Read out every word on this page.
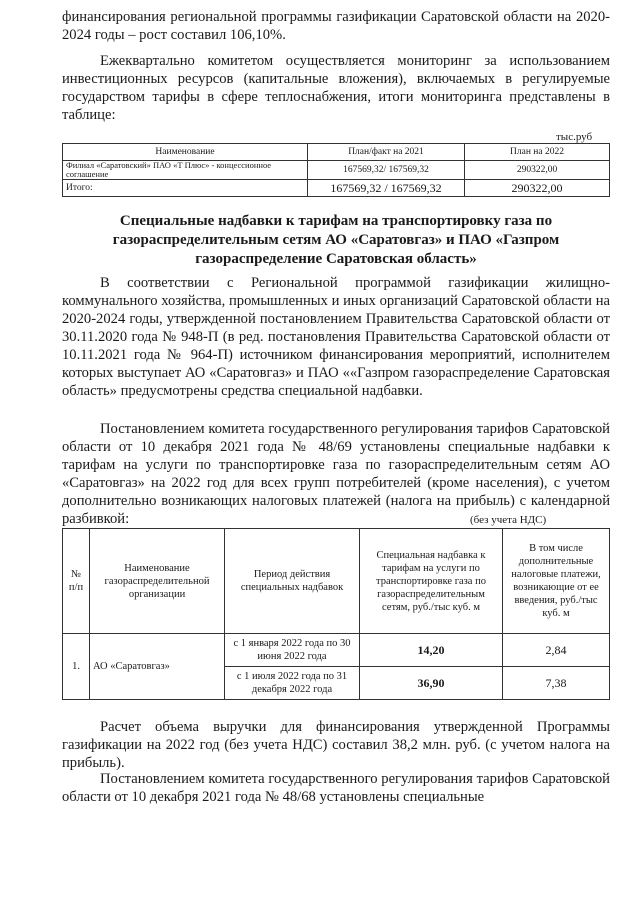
финансирования региональной программы газификации Саратовской области на 2020-2024 годы – рост составил 106,10%.

Ежеквартально комитетом осуществляется мониторинг за использованием инвестиционных ресурсов (капитальные вложения), включаемых в регулируемые государством тарифы в сфере теплоснабжения, итоги мониторинга представлены в таблице:

тыс.руб
Наименование	План/факт на 2021	План на 2022
Филиал «Саратовский» ПАО «Т Плюс» - концессионное соглашение	167569,32/ 167569,32	290322,00
Итого:	167569,32 / 167569,32	290322,00

Специальные надбавки к тарифам на транспортировку газа по газораспределительным сетям АО «Саратовгаз» и ПАО «Газпром газораспределение Саратовская область»

В соответствии с Региональной программой газификации жилищно-коммунального хозяйства, промышленных и иных организаций Саратовской области на 2020-2024 годы, утвержденной постановлением Правительства Саратовской области от 30.11.2020 года № 948-П (в ред. постановления Правительства Саратовской области от 10.11.2021 года № 964-П) источником финансирования мероприятий, исполнителем которых выступает АО «Саратовгаз» и ПАО ««Газпром газораспределение Саратовская область» предусмотрены средства специальной надбавки.

Постановлением комитета государственного регулирования тарифов Саратовской области от 10 декабря 2021 года № 48/69 установлены специальные надбавки к тарифам на услуги по транспортировке газа по газораспределительным сетям АО «Саратовгаз» на 2022 год для всех групп потребителей (кроме населения), с учетом дополнительно возникающих налоговых платежей (налога на прибыль) с календарной разбивкой:	(без учета НДС)
№ п/п	Наименование газораспределительной организации	Период действия специальных надбавок	Специальная надбавка к тарифам на услуги по транспортировке газа по газораспределительным сетям, руб./тыс куб. м	В том числе дополнительные налоговые платежи, возникающие от ее введения, руб./тыс куб. м
1.	АО «Саратовгаз»	с 1 января 2022 года по 30 июня 2022 года	14,20	2,84
		с 1 июля 2022 года по 31 декабря 2022 года	36,90	7,38

Расчет объема выручки для финансирования утвержденной Программы газификации на 2022 год (без учета НДС) составил 38,2 млн. руб. (с учетом налога на прибыль).

Постановлением комитета государственного регулирования тарифов Саратовской области от 10 декабря 2021 года № 48/68 установлены специальные
